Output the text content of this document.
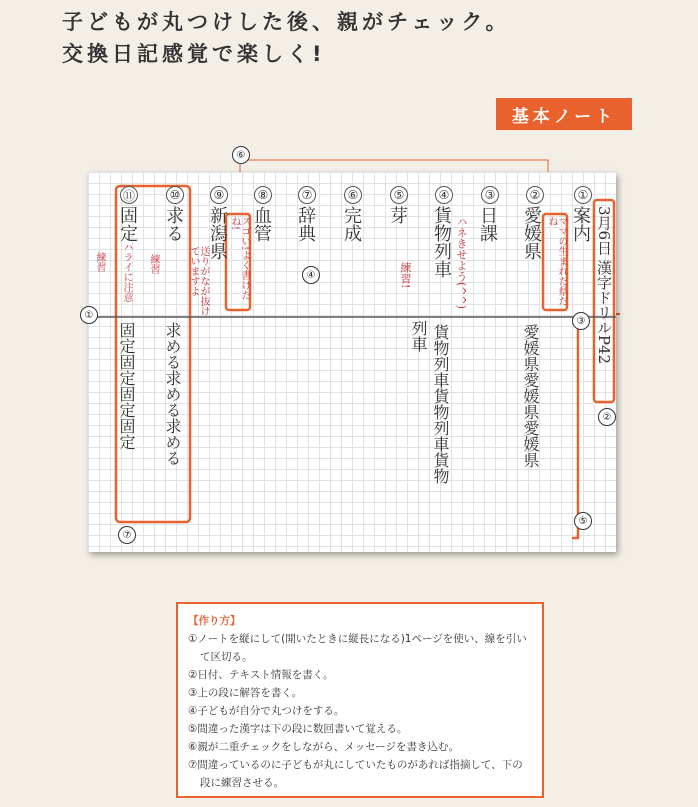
子どもが丸つけした後、親がチェック。
交換日記感覚で楽しく!
基本ノート
3月6日 漢字ドリルP42
①
案内
②
愛媛県	ママの生まれた県だね
愛媛県愛媛県愛媛県
③
日課
④
貨物列車 ハネきせよう(^^)
貨物列車貨物列車貨物
⑤
芽
練習!
列車
⑥
完成
⑦
辞典
⑧
血管
スゴい!よく書けたね!
⑨
新潟県
⑩
求る
送りがなが抜けていますよ
練習
求める求める求める
⑪
固定
ハライに注意
練習
固定固定固定固定
①
②
③
④
⑤
⑥
⑦
【作り方】
①ノートを縦にして(開いたときに縦長になる)1ページを使い、線を引いて区切る。
②日付、テキスト情報を書く。
③上の段に解答を書く。
④子どもが自分で丸つけをする。
⑤間違った漢字は下の段に数回書いて覚える。
⑥親が二重チェックをしながら、メッセージを書き込む。
⑦間違っているのに子どもが丸にしていたものがあれば指摘して、下の段に練習させる。
